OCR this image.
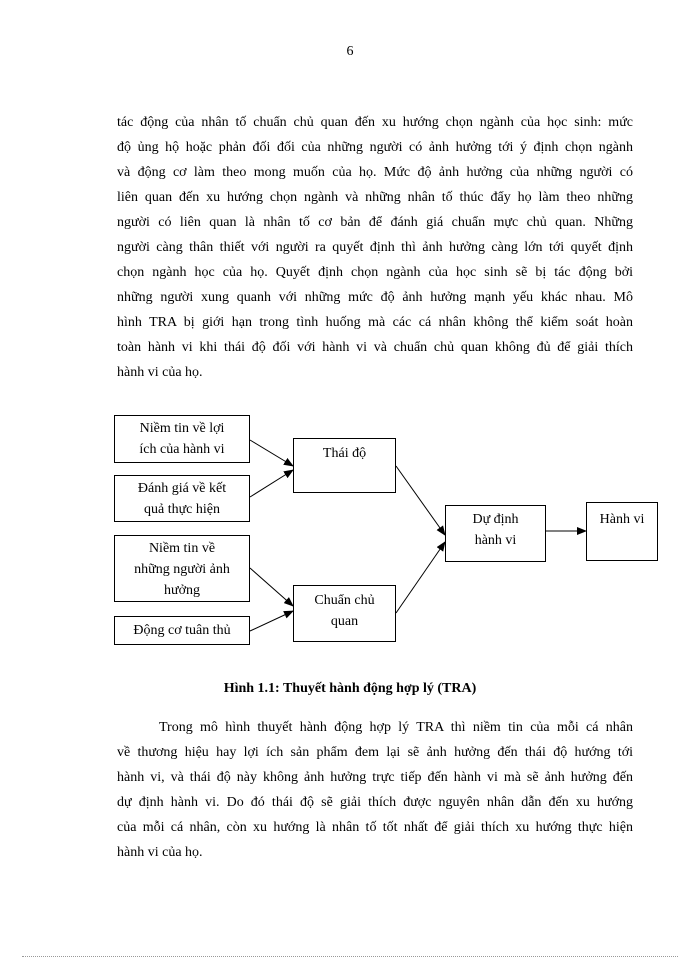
6
tác động của nhân tố chuẩn chủ quan đến xu hướng chọn ngành của học sinh: mức
độ ủng hộ hoặc phản đối đối của những người có ảnh hưởng tới ý định chọn ngành
và động cơ làm theo mong muốn của họ. Mức độ ảnh hưởng của những người có
liên quan đến xu hướng chọn ngành và những nhân tố thúc đẩy họ làm theo những
người có liên quan là nhân tố cơ bản để đánh giá chuẩn mực chủ quan. Những
người càng thân thiết với người ra quyết định thì ảnh hưởng càng lớn tới quyết định
chọn ngành học của họ. Quyết định chọn ngành của học sinh sẽ bị tác động bởi
những người xung quanh với những mức độ ảnh hưởng mạnh yếu khác nhau. Mô
hình TRA bị giới hạn trong tình huống mà các cá nhân không thể kiểm soát hoàn
toàn hành vi khi thái độ đối với hành vi và chuẩn chủ quan không đủ để giải thích
hành vi của họ.
Niềm tin về lợi
ích của hành vi
Đánh giá về kết
quả thực hiện
Niềm tin về
những người ảnh
hưởng
Động cơ tuân thủ
Thái độ
Chuẩn chủ
quan
Dự định
hành vi
Hành vi
Hình 1.1: Thuyết hành động hợp lý (TRA)
Trong mô hình thuyết hành động hợp lý TRA thì niềm tin của mỗi cá nhân
về thương hiệu hay lợi ích sản phẩm đem lại sẽ ảnh hưởng đến thái độ hướng tới
hành vi, và thái độ này không ảnh hưởng trực tiếp đến hành vi mà sẽ ảnh hưởng đến
dự định hành vi. Do đó thái độ sẽ giải thích được nguyên nhân dẫn đến xu hướng
của mỗi cá nhân, còn xu hướng là nhân tố tốt nhất để giải thích xu hướng thực hiện
hành vi của họ.
